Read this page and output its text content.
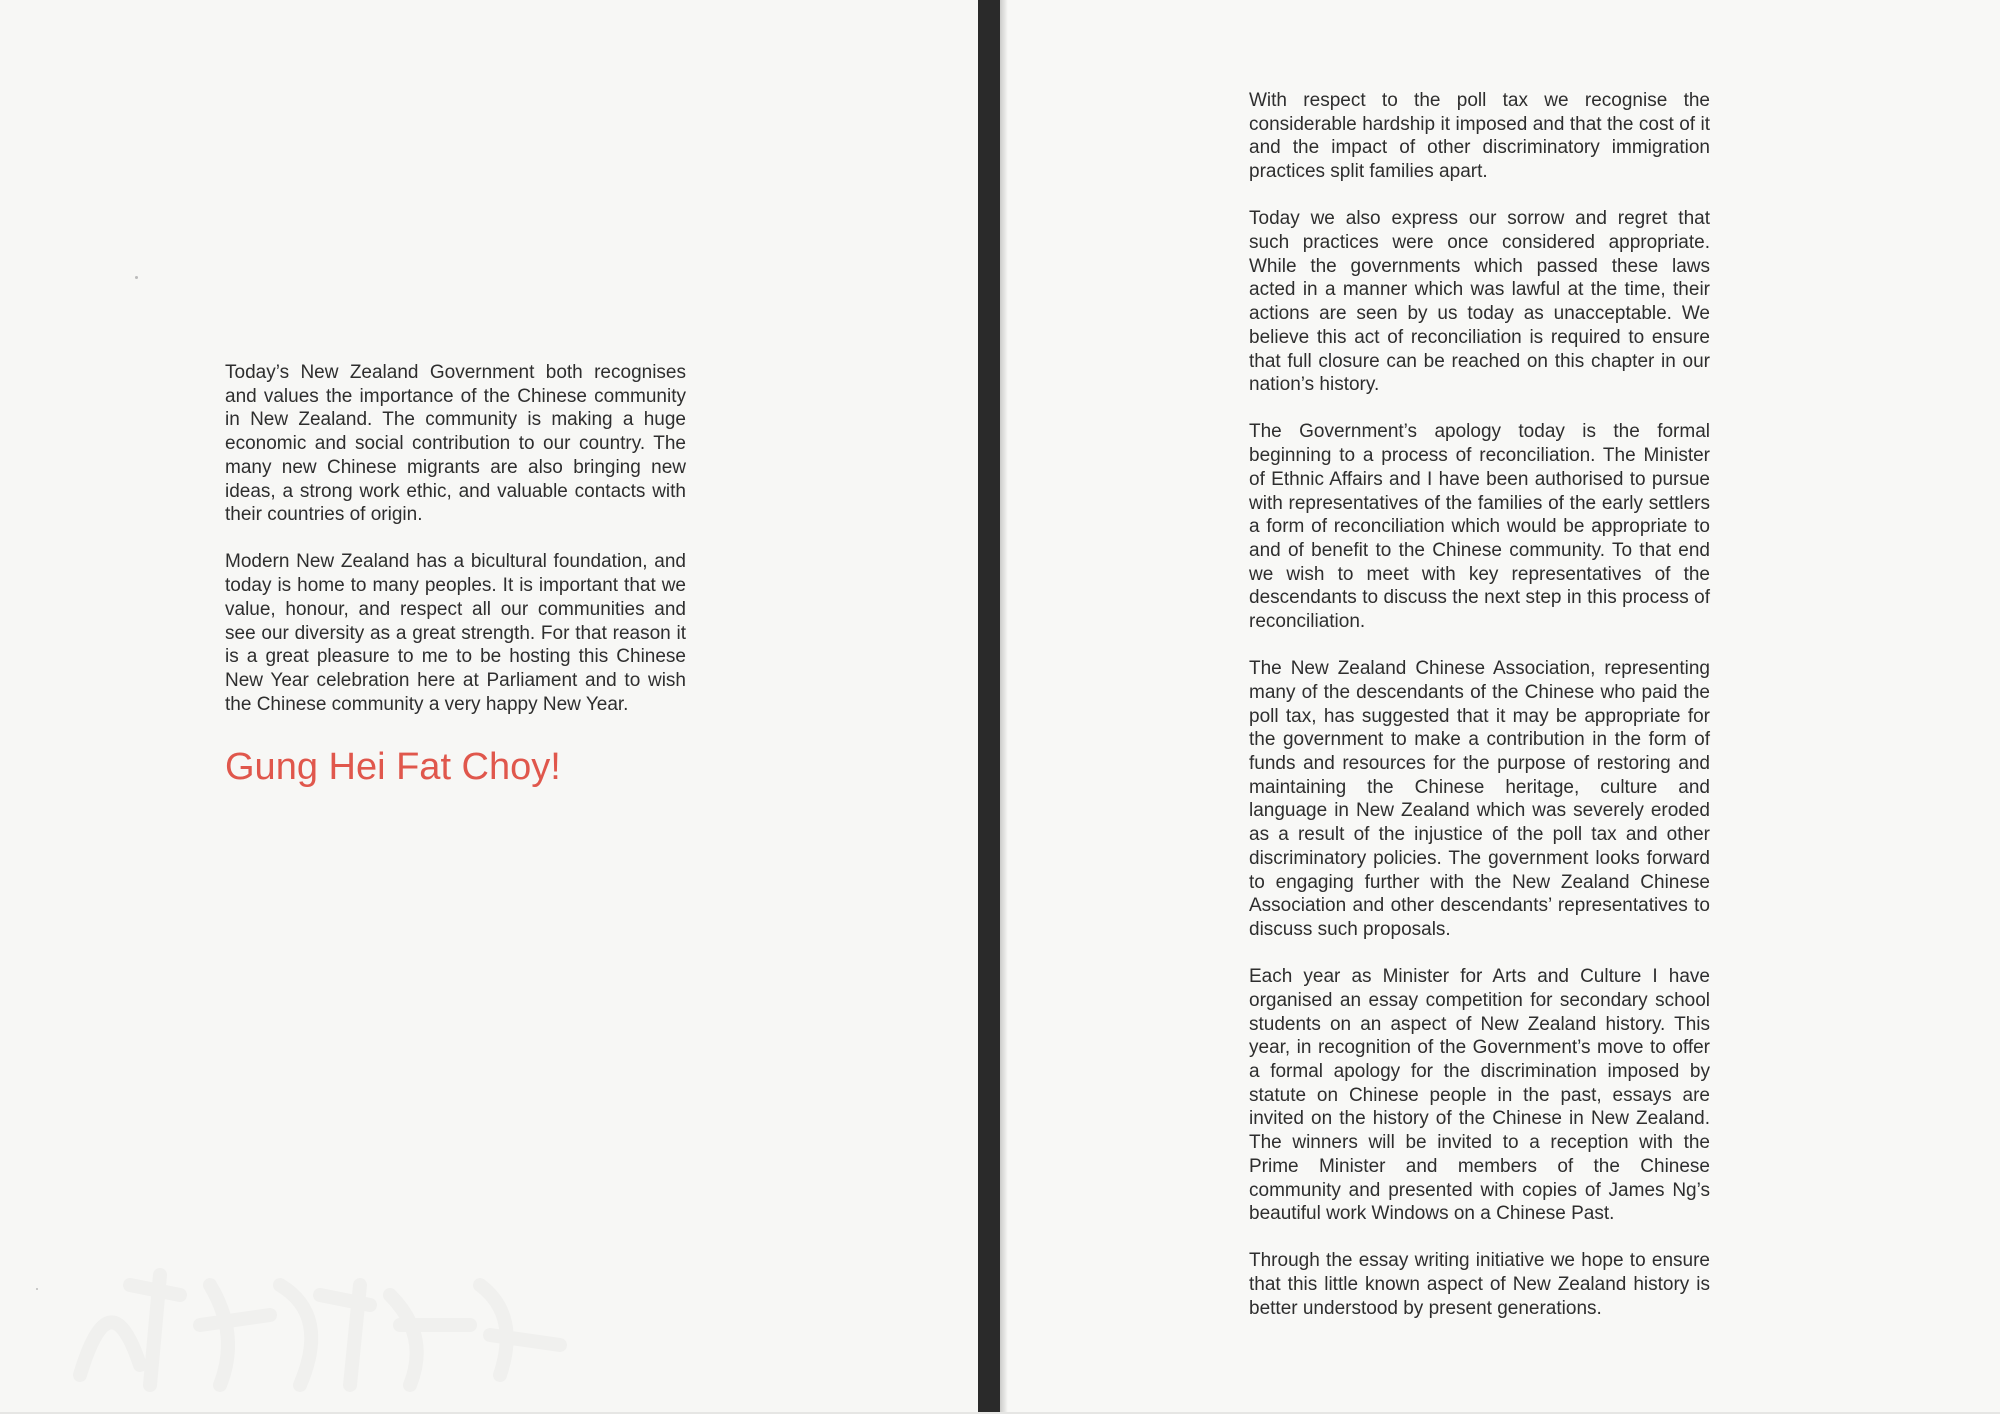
Today’s New Zealand Government both recognises and values the importance of the Chinese community in New Zealand. The community is making a huge economic and social contribution to our country. The many new Chinese migrants are also bringing new ideas, a strong work ethic, and valuable contacts with their countries of origin.

Modern New Zealand has a bicultural foundation, and today is home to many peoples. It is important that we value, honour, and respect all our communities and see our diversity as a great strength. For that reason it is a great pleasure to me to be hosting this Chinese New Year celebration here at Parliament and to wish the Chinese community a very happy New Year.

Gung Hei Fat Choy!

With respect to the poll tax we recognise the considerable hardship it imposed and that the cost of it and the impact of other discriminatory immigration practices split families apart.

Today we also express our sorrow and regret that such practices were once considered appropriate. While the governments which passed these laws acted in a manner which was lawful at the time, their actions are seen by us today as unacceptable. We believe this act of reconciliation is required to ensure that full closure can be reached on this chapter in our nation’s history.

The Government’s apology today is the formal beginning to a process of reconciliation. The Minister of Ethnic Affairs and I have been authorised to pursue with representatives of the families of the early settlers a form of reconciliation which would be appropriate to and of benefit to the Chinese community. To that end we wish to meet with key representatives of the descendants to discuss the next step in this process of reconciliation.

The New Zealand Chinese Association, representing many of the descendants of the Chinese who paid the poll tax, has suggested that it may be appropriate for the government to make a contribution in the form of funds and resources for the purpose of restoring and maintaining the Chinese heritage, culture and language in New Zealand which was severely eroded as a result of the injustice of the poll tax and other discriminatory policies. The government looks forward to engaging further with the New Zealand Chinese Association and other descendants’ representatives to discuss such proposals.

Each year as Minister for Arts and Culture I have organised an essay competition for secondary school students on an aspect of New Zealand history. This year, in recognition of the Government’s move to offer a formal apology for the discrimination imposed by statute on Chinese people in the past, essays are invited on the history of the Chinese in New Zealand. The winners will be invited to a reception with the Prime Minister and members of the Chinese community and presented with copies of James Ng’s beautiful work Windows on a Chinese Past.

Through the essay writing initiative we hope to ensure that this little known aspect of New Zealand history is better understood by present generations.
